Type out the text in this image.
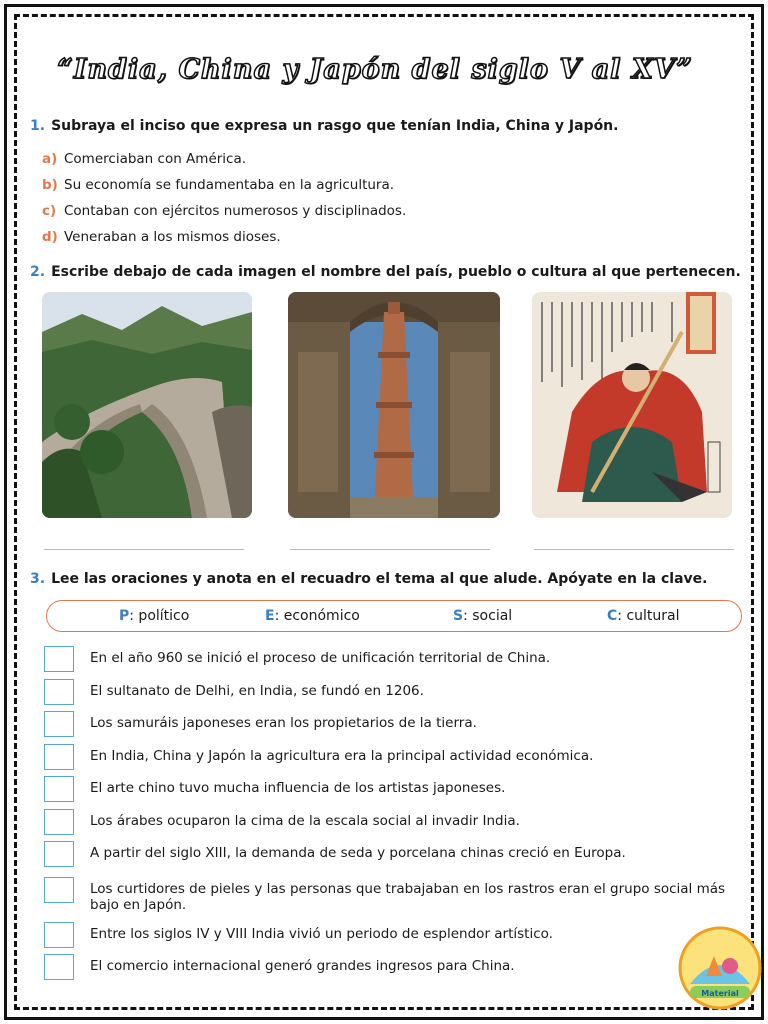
“India, China y Japón del siglo V al XV”
1. Subraya el inciso que expresa un rasgo que tenían India, China y Japón.
a) Comerciaban con América.
b) Su economía se fundamentaba en la agricultura.
c) Contaban con ejércitos numerosos y disciplinados.
d) Veneraban a los mismos dioses.
2. Escribe debajo de cada imagen el nombre del país, pueblo o cultura al que pertenecen.
3. Lee las oraciones y anota en el recuadro el tema al que alude. Apóyate en la clave.
P: político	E: económico	S: social	C: cultural
En el año 960 se inició el proceso de unificación territorial de China.
El sultanato de Delhi, en India, se fundó en 1206.
Los samuráis japoneses eran los propietarios de la tierra.
En India, China y Japón la agricultura era la principal actividad económica.
El arte chino tuvo mucha influencia de los artistas japoneses.
Los árabes ocuparon la cima de la escala social al invadir India.
A partir del siglo XIII, la demanda de seda y porcelana chinas creció en Europa.
Los curtidores de pieles y las personas que trabajaban en los rastros eran el grupo social más bajo en Japón.
Entre los siglos IV y VIII India vivió un periodo de esplendor artístico.
El comercio internacional generó grandes ingresos para China.
Material
